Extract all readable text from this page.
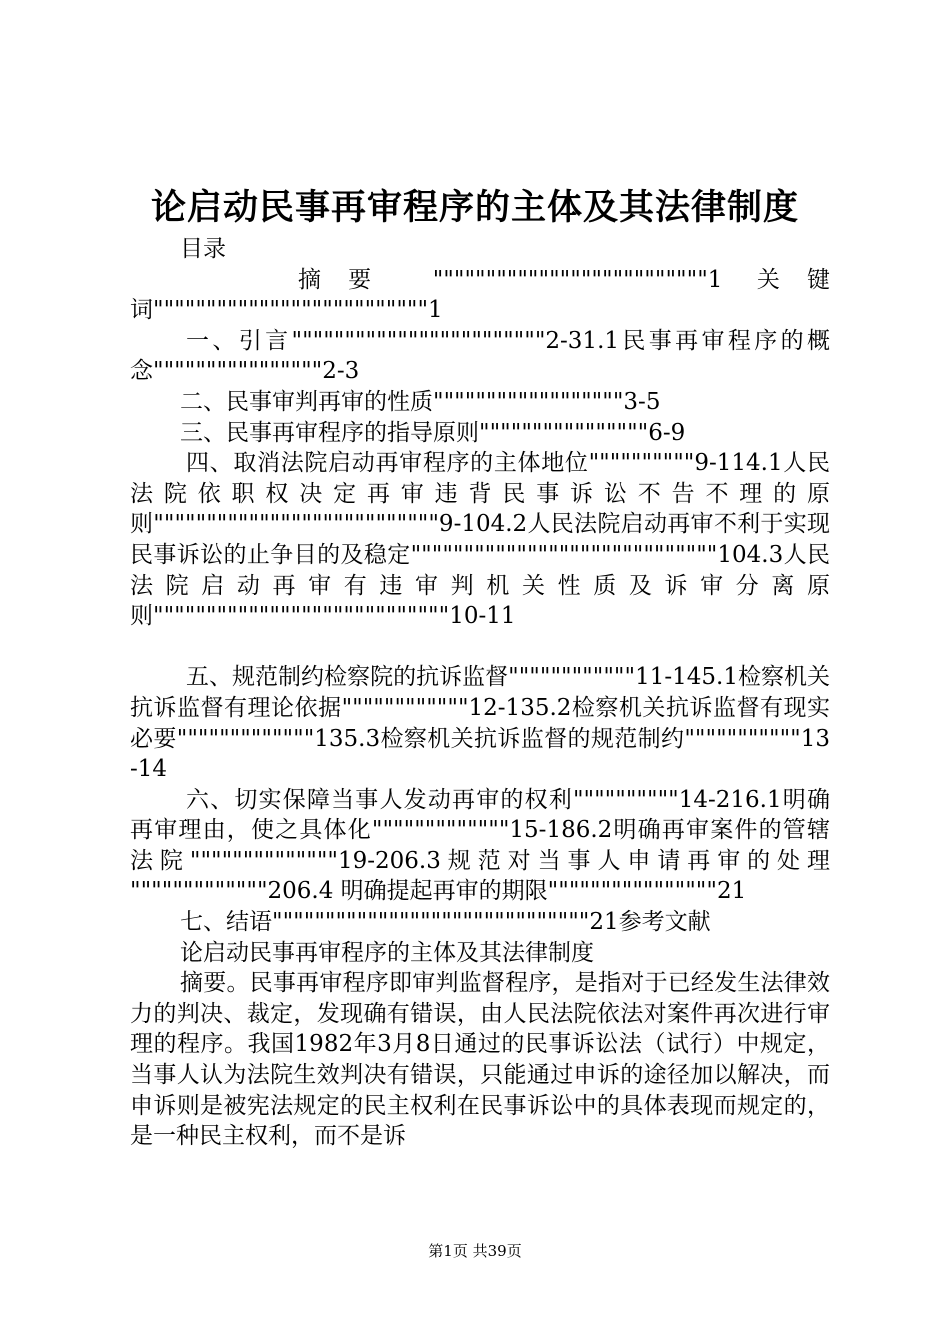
论启动民事再审程序的主体及其法律制度

目录

摘要 """"""""""""""""""""""""""1 关键词""""""""""""""""""""""""""1

一、引言""""""""""""""""""""""""2-31.1民事再审程序的概念""""""""""""""""2-3

二、民事审判再审的性质""""""""""""""""""3-5

三、民事再审程序的指导原则""""""""""""""""6-9

四、取消法院启动再审程序的主体地位""""""""""9-114.1人民法院依职权决定再审违背民事诉讼不告不理的原则"""""""""""""""""""""""""""9-104.2人民法院启动再审不利于实现民事诉讼的止争目的及稳定"""""""""""""""""""""""""""""104.3人民法院启动再审有违审判机关性质及诉审分离原则""""""""""""""""""""""""""""10-11

五、规范制约检察院的抗诉监督""""""""""""11-145.1检察机关抗诉监督有理论依据""""""""""""12-135.2检察机关抗诉监督有现实必要"""""""""""""135.3检察机关抗诉监督的规范制约"""""""""""13-14

六、切实保障当事人发动再审的权利""""""""""14-216.1明确再审理由，使之具体化"""""""""""""15-186.2明确再审案件的管辖法院""""""""""""""19-206.3规范对当事人申请再审的处理 """""""""""""206.4 明确提起再审的期限""""""""""""""""21

七、结语""""""""""""""""""""""""""""""21参考文献

论启动民事再审程序的主体及其法律制度

摘要。民事再审程序即审判监督程序，是指对于已经发生法律效力的判决、裁定，发现确有错误，由人民法院依法对案件再次进行审理的程序。我国1982年3月8日通过的民事诉讼法（试行）中规定，当事人认为法院生效判决有错误，只能通过申诉的途径加以解决，而申诉则是被宪法规定的民主权利在民事诉讼中的具体表现而规定的，是一种民主权利，而不是诉

第1页 共39页
